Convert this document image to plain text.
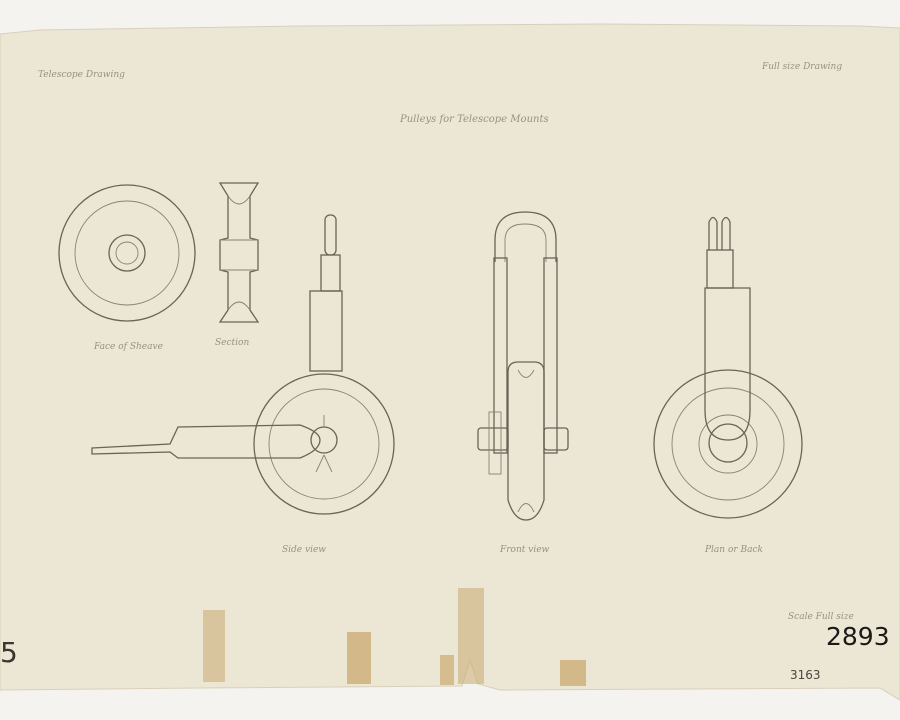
Telescope Drawing
Full size Drawing
Pulleys for Telescope Mounts
Face of Sheave	Section
Side view	Front view	Plan or Back
Scale Full size
2893
5
3163
